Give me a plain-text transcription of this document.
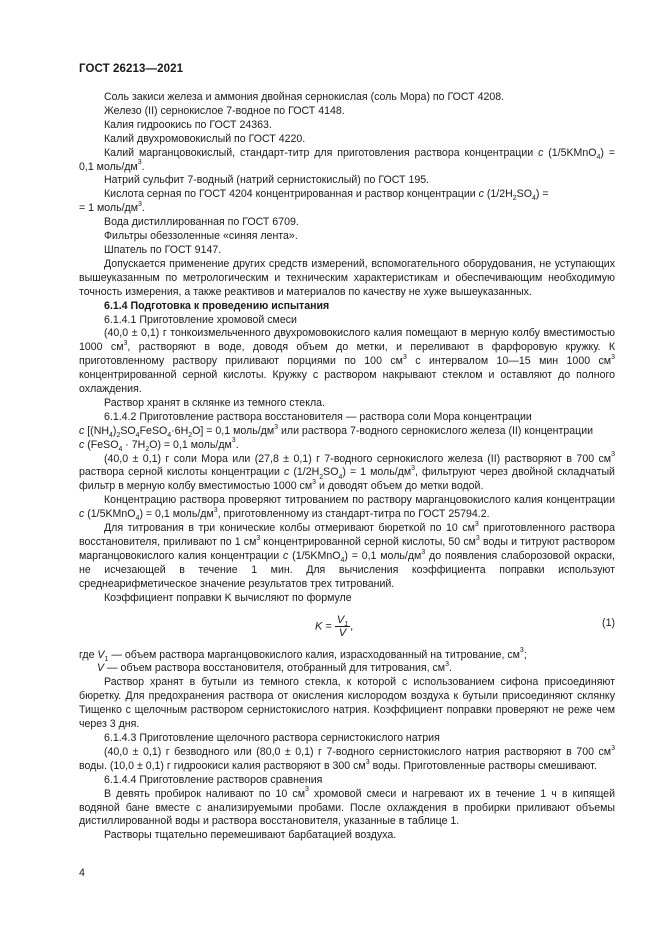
ГОСТ 26213—2021

Соль закиси железа и аммония двойная сернокислая (соль Мора) по ГОСТ 4208.

Железо (II) сернокислое 7-водное по ГОСТ 4148.

Калия гидроокись по ГОСТ 24363.

Калий двухромовокислый по ГОСТ 4220.

Калий марганцовокислый, стандарт-титр для приготовления раствора концентрации с (1/5KMnO$_4$) = 0,1 моль/$дм^3$.

Натрий сульфит 7-водный (натрий сернистокислый) по ГОСТ 195.

Кислота серная по ГОСТ 4204 концентрированная и раствор концентрации с $(1/2H_2SO_4)$ =

= 1 моль/$дм^3$.

Вода дистиллированная по ГОСТ 6709.

Фильтры обеззоленные «синяя лента».

Шпатель по ГОСТ 9147.

Допускается применение других средств измерений, вспомогательного оборудования, не уступающих вышеуказанным по метрологическим и техническим характеристикам и обеспечивающим необходимую точность измерения, а также реактивов и материалов по качеству не хуже вышеуказанных.

6.1.4 Подготовка к проведению испытания

6.1.4.1 Приготовление хромовой смеси

(40,0 ± 0,1) г тонкоизмельченного двухромовокислого калия помещают в мерную колбу вместимостью 1000 $см^3$, растворяют в воде, доводя объем до метки, и переливают в фарфоровую кружку. К приготовленному раствору приливают порциями по 100 $см^3$ с интервалом 10—15 мин 1000 $см^3$ концентрированной серной кислоты. Кружку с раствором накрывают стеклом и оставляют до полного охлаждения.

Раствор хранят в склянке из темного стекла.

6.1.4.2 Приготовление раствора восстановителя — раствора соли Мора концентрации

с $[(NH_4)_2SO_4FeSO_4\cdot 6H_2O] = 0,1$ моль/$дм^3$ или раствора 7-водного сернокислого железа (II) концентрации

с (FeSO$_4$ · $7H_2O) = 0,1$ моль/$дм^3$.

(40,0 ± 0,1) г соли Мора или (27,8 ± 0,1) г 7-водного сернокислого железа (II) растворяют в 700 $см^3$ раствора серной кислоты концентрации с $(1/2H_2SO_4) = 1$ моль/$дм^3$, фильтруют через двойной складчатый фильтр в мерную колбу вместимостью 1000 $см^3$ и доводят объем до метки водой.

Концентрацию раствора проверяют титрованием по раствору марганцовокислого калия концентрации с (1/5KMnO$_4$) = 0,1 моль/$дм^3$, приготовленному из стандарт-титра по ГОСТ 25794.2.

Для титрования в три конические колбы отмеривают бюреткой по 10 $см^3$ приготовленного раствора восстановителя, приливают по 1 $см^3$ концентрированной серной кислоты, 50 $см^3$ воды и титруют раствором марганцовокислого калия концентрации с (1/5KMnO$_4$) = 0,1 моль/$дм^3$ до появления слаборозовой окраски, не исчезающей в течение 1 мин. Для вычисления коэффициента поправки используют среднеарифметическое значение результатов трех титрований.

Коэффициент поправки K вычисляют по формуле

$K = \frac{V_1}{V}$ ,	(1)

где $V_1$ — объем раствора марганцовокислого калия, израсходованный на титрование, $см^3$;

V — объем раствора восстановителя, отобранный для титрования, $см^3$.

Раствор хранят в бутыли из темного стекла, к которой с использованием сифона присоединяют бюретку. Для предохранения раствора от окисления кислородом воздуха к бутыли присоединяют склянку Тищенко с щелочным раствором сернистокислого натрия. Коэффициент поправки проверяют не реже чем через 3 дня.

6.1.4.3 Приготовление щелочного раствора сернистокислого натрия

(40,0 ± 0,1) г безводного или (80,0 ± 0,1) г 7-водного сернистокислого натрия растворяют в 700 $см^3$ воды. (10,0 ± 0,1) г гидроокиси калия растворяют в 300 $см^3$ воды. Приготовленные растворы смешивают.

6.1.4.4 Приготовление растворов сравнения

В девять пробирок наливают по 10 $см^3$ хромовой смеси и нагревают их в течение 1 ч в кипящей водяной бане вместе с анализируемыми пробами. После охлаждения в пробирки приливают объемы дистиллированной воды и раствора восстановителя, указанные в таблице 1.

Растворы тщательно перемешивают барбатацией воздуха.

4
